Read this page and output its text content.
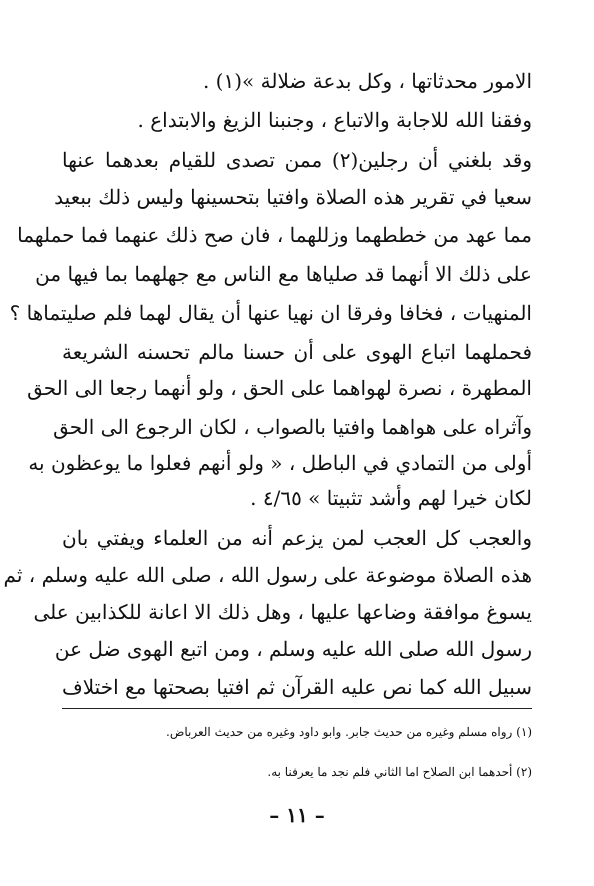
الامور محدثاتها ، وكل بدعة ضلالة »(١) .
وفقنا الله للاجابة والاتباع ، وجنبنا الزيغ والابتداع .
وقد بلغني أن رجلين(٢) ممن تصدى للقيام بعدهما عنها
سعيا في تقرير هذه الصلاة وافتيا بتحسينها وليس ذلك ببعيد
مما عهد من خططهما وزللهما ، فان صح ذلك عنهما فما حملهما
على ذلك الا أنهما قد صلياها مع الناس مع جهلهما بما فيها من
المنهيات ، فخافا وفرقا ان نهيا عنها أن يقال لهما فلم صليتماها ؟
فحملهما اتباع الهوى على أن حسنا مالم تحسنه الشريعة
المطهرة ، نصرة لهواهما على الحق ، ولو أنهما رجعا الى الحق
وآثراه على هواهما وافتيا بالصواب ، لكان الرجوع الى الحق
أولى من التمادي في الباطل ، « ولو أنهم فعلوا ما يوعظون به
لكان خيرا لهم وأشد تثبيتا » ٤/٦٥ .
والعجب كل العجب لمن يزعم أنه من العلماء ويفتي بان
هذه الصلاة موضوعة على رسول الله ، صلى الله عليه وسلم ، ثم
يسوغ موافقة وضاعها عليها ، وهل ذلك الا اعانة للكذابين على
رسول الله صلى الله عليه وسلم ، ومن اتبع الهوى ضل عن
سبيل الله كما نص عليه القرآن ثم افتيا بصحتها مع اختلاف
(١) رواه مسلم وغيره من حديث جابر. وابو داود وغيره من حديث العرباض.
(٢) أحدهما ابن الصلاح اما الثاني فلم نجد ما يعرفنا به.
– ١١ –
